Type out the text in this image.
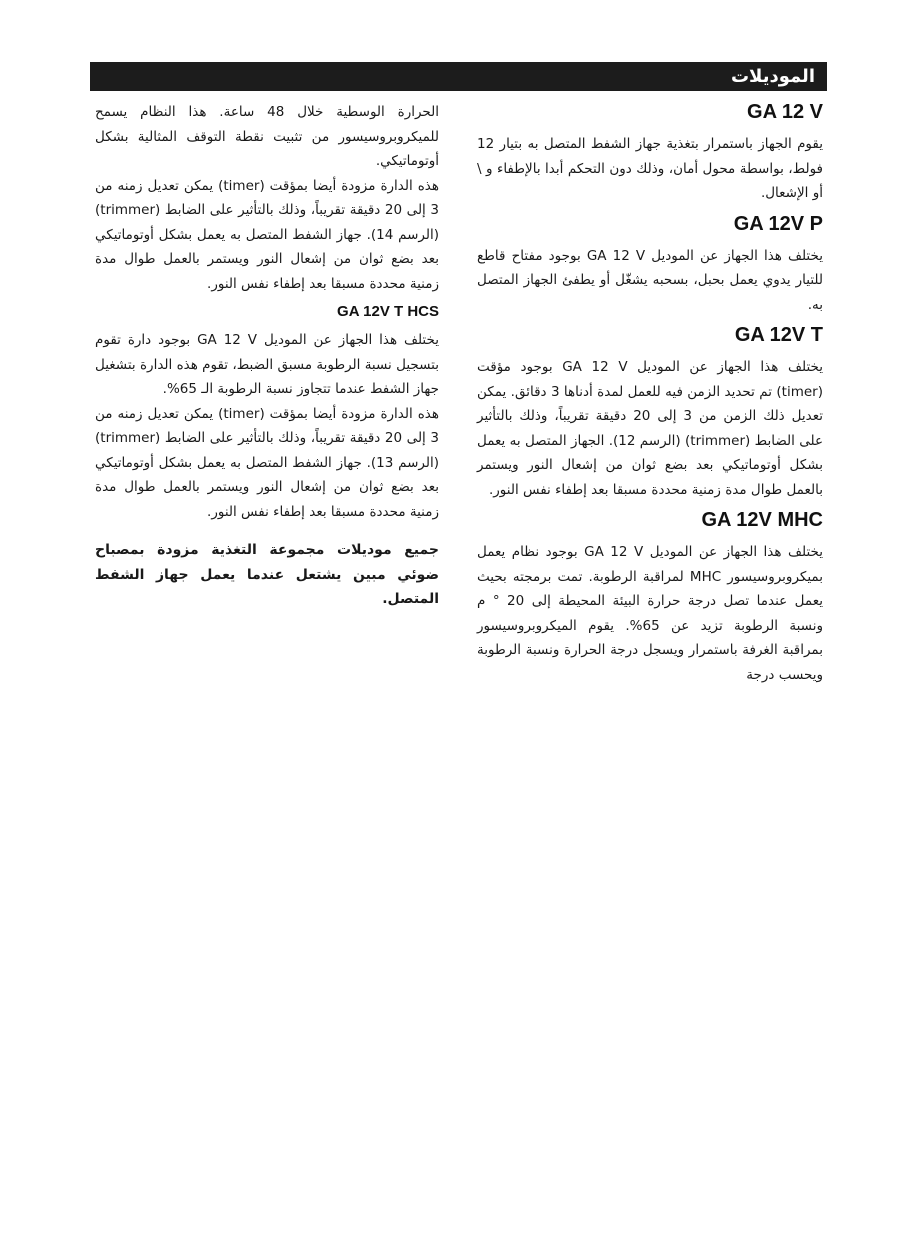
الموديلات
GA 12 V

يقوم الجهاز باستمرار بتغذية جهاز الشفط المتصل به بتيار 12 فولط، بواسطة محول أمان، وذلك دون التحكم أبدا بالإطفاء و \ أو الإشعال.

GA 12V P

يختلف هذا الجهاز عن الموديل GA 12 V بوجود مفتاح قاطع للتيار يدوي يعمل بحبل، بسحبه يشغّل أو يطفئ الجهاز المتصل به.

GA 12V T

يختلف هذا الجهاز عن الموديل GA 12 V بوجود مؤقت (timer) تم تحديد الزمن فيه للعمل لمدة أدناها 3 دقائق. يمكن تعديل ذلك الزمن من 3 إلى 20 دقيقة تقريباً، وذلك بالتأثير على الضابط (trimmer) (الرسم 12). الجهاز المتصل به يعمل بشكل أوتوماتيكي بعد بضع ثوان من إشعال النور ويستمر بالعمل طوال مدة زمنية محددة مسبقا بعد إطفاء نفس النور.

GA 12V MHC

يختلف هذا الجهاز عن الموديل GA 12 V بوجود نظام يعمل بميكروبروسيسور MHC لمراقبة الرطوبة. تمت برمجته بحيث يعمل عندما تصل درجة حرارة البيئة المحيطة إلى 20 ° م ونسبة الرطوبة تزيد عن 65%. يقوم الميكروبروسيسور بمراقبة الغرفة باستمرار ويسجل درجة الحرارة ونسبة الرطوبة ويحسب درجة

الحرارة الوسطية خلال 48 ساعة. هذا النظام يسمح للميكروبروسيسور من تثبيت نقطة التوقف المثالية بشكل أوتوماتيكي.

هذه الدارة مزودة أيضا بمؤقت (timer) يمكن تعديل زمنه من 3 إلى 20 دقيقة تقريباً، وذلك بالتأثير على الضابط (trimmer)(الرسم 14). جهاز الشفط المتصل به يعمل بشكل أوتوماتيكي بعد بضع ثوان من إشعال النور ويستمر بالعمل طوال مدة زمنية محددة مسبقا بعد إطفاء نفس النور.

GA 12V T HCS

يختلف هذا الجهاز عن الموديل GA 12 V بوجود دارة تقوم بتسجيل نسبة الرطوبة مسبق الضبط، تقوم هذه الدارة بتشغيل جهاز الشفط عندما تتجاوز نسبة الرطوبة الـ 65%.

هذه الدارة مزودة أيضا بمؤقت (timer) يمكن تعديل زمنه من 3 إلى 20 دقيقة تقريباً، وذلك بالتأثير على الضابط (trimmer)(الرسم 13). جهاز الشفط المتصل به يعمل بشكل أوتوماتيكي بعد بضع ثوان من إشعال النور ويستمر بالعمل طوال مدة زمنية محددة مسبقا بعد إطفاء نفس النور.

جميع موديلات مجموعة التغذية مزودة بمصباح ضوئي مبين يشتعل عندما يعمل جهاز الشفط المتصل.
